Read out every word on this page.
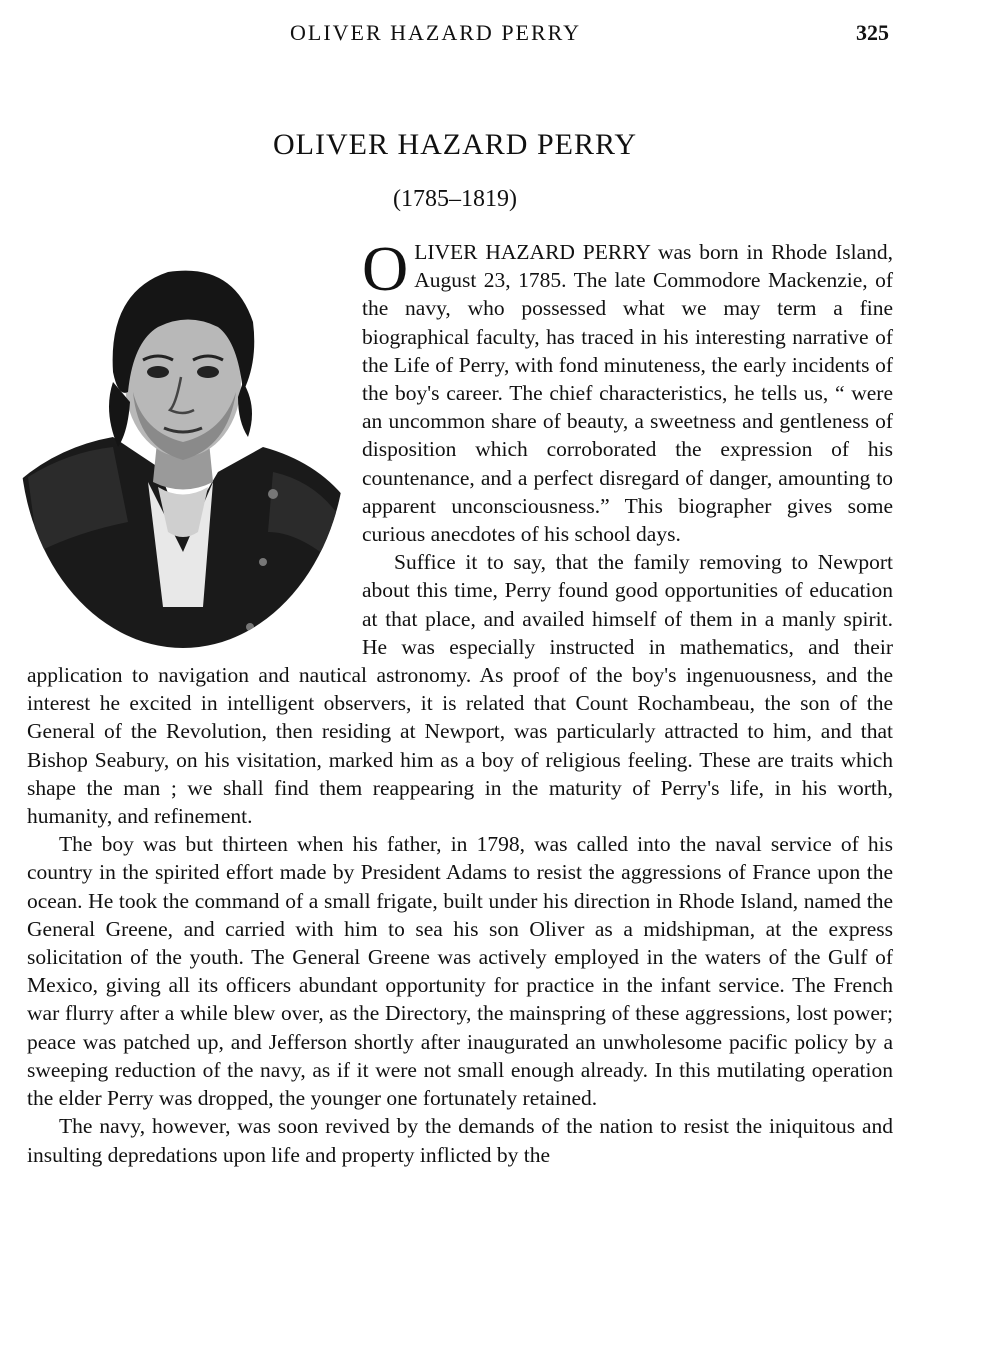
OLIVER HAZARD PERRY	325
OLIVER HAZARD PERRY
(1785–1819)

O LIVER HAZARD PERRY was born in Rhode Island, August 23, 1785. The late Commodore Mackenzie, of the navy, who possessed what we may term a fine biographical faculty, has traced in his interesting narrative of the Life of Perry, with fond minuteness, the early incidents of the boy's career. The chief characteristics, he tells us, “ were an uncommon share of beauty, a sweetness and gentleness of disposition which corroborated the expression of his countenance, and a perfect disregard of danger, amounting to apparent unconsciousness.” This biographer gives some curious anecdotes of his school days.

Suffice it to say, that the family removing to Newport about this time, Perry found good opportunities of education at that place, and availed himself of them in a manly spirit. He was especially instructed in mathematics, and their application to navigation and nautical astronomy. As proof of the boy's ingenuousness, and the interest he excited in intelligent observers, it is related that Count Rochambeau, the son of the General of the Revolution, then residing at Newport, was particularly attracted to him, and that Bishop Seabury, on his visitation, marked him as a boy of religious feeling. These are traits which shape the man ; we shall find them reappearing in the maturity of Perry's life, in his worth, humanity, and refinement.

The boy was but thirteen when his father, in 1798, was called into the naval service of his country in the spirited effort made by President Adams to resist the aggressions of France upon the ocean. He took the command of a small frigate, built under his direction in Rhode Island, named the General Greene, and carried with him to sea his son Oliver as a midshipman, at the express solicitation of the youth. The General Greene was actively employed in the waters of the Gulf of Mexico, giving all its officers abundant opportunity for practice in the infant service. The French war flurry after a while blew over, as the Directory, the mainspring of these aggressions, lost power; peace was patched up, and Jefferson shortly after inaugurated an unwholesome pacific policy by a sweeping reduction of the navy, as if it were not small enough already. In this mutilating operation the elder Perry was dropped, the younger one fortunately retained.

The navy, however, was soon revived by the demands of the nation to resist the iniquitous and insulting depredations upon life and property inflicted by the
